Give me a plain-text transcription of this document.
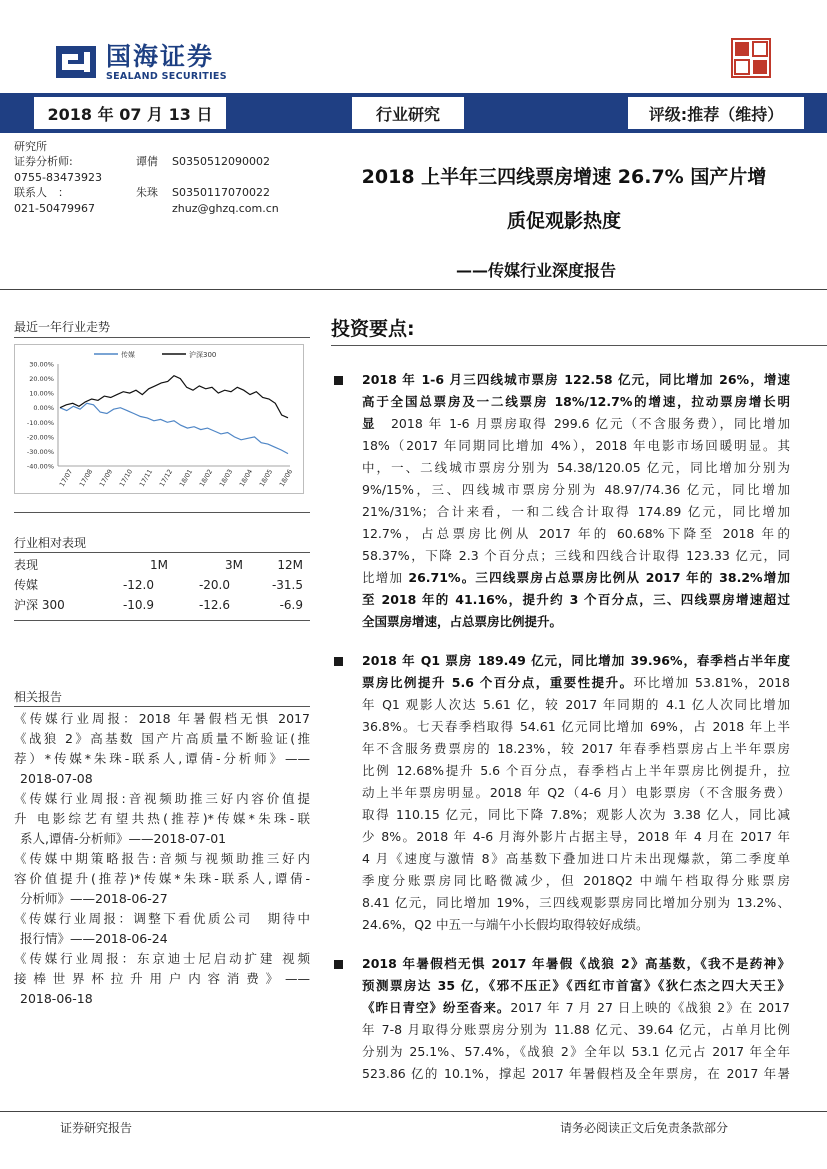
国海证券
SEALAND SECURITIES
2018 年 07 月 13 日	行业研究	评级:推荐（维持）
研究所
证券分析师:	谭倩 S0350512090002
0755-83473923
联系人　：	朱珠 S0350117070022
021-50479967	zhuz@ghzq.com.cn
2018 上半年三四线票房增速 26.7% 国产片增
质促观影热度
——传媒行业深度报告
最近一年行业走势
传媒	沪深300
30.00%
20.00%
10.00%
0.00%
-10.00%
-20.00%
-30.00%
-40.00%
17/07 17/08 17/09 17/10 17/11 17/12 18/01 18/02 18/03 18/04 18/05 18/06
行业相对表现
表现	1M	3M	12M
传媒	-12.0	-20.0	-31.5
沪深 300	-10.9	-12.6	-6.9
相关报告
《传媒行业周报：2018 年暑假档无惧 2017
《战狼 2》高基数 国产片高质量不断验证(推
荐）*传媒*朱珠-联系人,谭倩-分析师》——
2018-07-08
《传媒行业周报:音视频助推三好内容价值提
升 电影综艺有望共热(推荐)*传媒*朱珠-联
系人,谭倩-分析师》——2018-07-01
《传媒中期策略报告:音频与视频助推三好内
容价值提升(推荐)*传媒*朱珠-联系人,谭倩-
分析师》——2018-06-27
《传媒行业周报：调整下看优质公司　期待中
报行情》——2018-06-24
《传媒行业周报：东京迪士尼启动扩建 视频
接棒世界杯拉升用户内容消费》——
2018-06-18
投资要点:
2018 年 1-6 月三四线城市票房 122.58 亿元，同比增加 26%，增速
高于全国总票房及一二线票房 18%/12.7%的增速，拉动票房增长明
显　2018 年 1-6 月票房取得 299.6 亿元（不含服务费），同比增加
18%（2017 年同期同比增加 4%），2018 年电影市场回暖明显。其
中，一、二线城市票房分别为 54.38/120.05 亿元，同比增加分别为
9%/15%，三、四线城市票房分别为 48.97/74.36 亿元，同比增加
21%/31%；合计来看，一和二线合计取得 174.89 亿元，同比增加
12.7%，占总票房比例从 2017 年的 60.68%下降至 2018 年的
58.37%，下降 2.3 个百分点；三线和四线合计取得 123.33 亿元，同
比增加 26.71%。三四线票房占总票房比例从 2017 年的 38.2%增加
至 2018 年的 41.16%，提升约 3 个百分点，三、四线票房增速超过
全国票房增速，占总票房比例提升。
2018 年 Q1 票房 189.49 亿元，同比增加 39.96%，春季档占半年度
票房比例提升 5.6 个百分点，重要性提升。环比增加 53.81%，2018
年 Q1 观影人次达 5.61 亿，较 2017 年同期的 4.1 亿人次同比增加
36.8%。七天春季档取得 54.61 亿元同比增加 69%，占 2018 年上半
年不含服务费票房的 18.23%，较 2017 年春季档票房占上半年票房
比例 12.68%提升 5.6 个百分点，春季档占上半年票房比例提升，拉
动上半年票房明显。2018 年 Q2（4-6 月）电影票房（不含服务费）
取得 110.15 亿元，同比下降 7.8%；观影人次为 3.38 亿人，同比减
少 8%。2018 年 4-6 月海外影片占据主导，2018 年 4 月在 2017 年
4 月《速度与激情 8》高基数下叠加进口片未出现爆款，第二季度单
季度分账票房同比略微减少，但 2018Q2 中端午档取得分账票房
8.41 亿元，同比增加 19%，三四线观影票房同比增加分别为 13.2%、
24.6%，Q2 中五一与端午小长假均取得较好成绩。
2018 年暑假档无惧 2017 年暑假《战狼 2》高基数，《我不是药神》
预测票房达 35 亿，《邪不压正》《西红市首富》《狄仁杰之四大天王》
《昨日青空》纷至沓来。2017 年 7 月 27 日上映的《战狼 2》在 2017
年 7-8 月取得分账票房分别为 11.88 亿元、39.64 亿元，占单月比例
分别为 25.1%、57.4%，《战狼 2》全年以 53.1 亿元占 2017 年全年
523.86 亿的 10.1%，撑起 2017 年暑假档及全年票房，在 2017 年暑
证券研究报告	请务必阅读正文后免责条款部分
